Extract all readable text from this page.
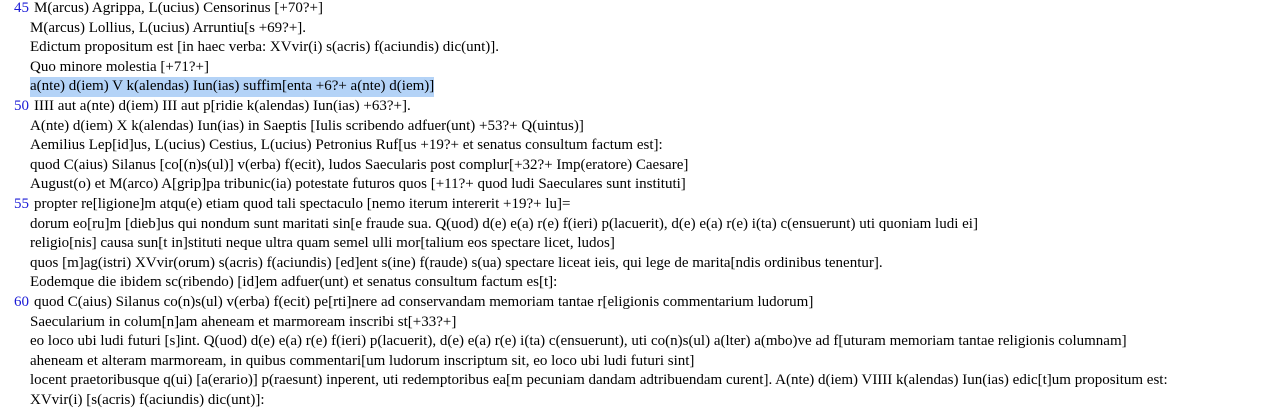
45 M(arcus) Agrippa, L(ucius) Censorinus [+70?+]
M(arcus) Lollius, L(ucius) Arruntiu[s +69?+].
Edictum propositum est [in haec verba: XVvir(i) s(acris) f(aciundis) dic(unt)].
Quo minore molestia [+71?+]
a(nte) d(iem) V k(alendas) Iun(ias) suffim[enta +6?+ a(nte) d(iem)]
50 IIII aut a(nte) d(iem) III aut p[ridie k(alendas) Iun(ias) +63?+].
A(nte) d(iem) X k(alendas) Iun(ias) in Saeptis [Iulis scribendo adfuer(unt) +53?+ Q(uintus)]
Aemilius Lep[id]us, L(ucius) Cestius, L(ucius) Petronius Ruf[us +19?+ et senatus consultum factum est]:
quod C(aius) Silanus [co[(n)s(ul)] v(erba) f(ecit), ludos Saecularis post complur[+32?+ Imp(eratore) Caesare]
August(o) et M(arco) A[grip]pa tribunic(ia) potestate futuros quos [+11?+ quod ludi Saeculares sunt instituti]
55 propter re[ligione]m atqu(e) etiam quod tali spectaculo [nemo iterum intererit +19?+ lu]=
dorum eo[ru]m [dieb]us qui nondum sunt maritati sin[e fraude sua. Q(uod) d(e) e(a) r(e) f(ieri) p(lacuerit), d(e) e(a) r(e) i(ta) c(ensuerunt) uti quoniam ludi ei]
religio[nis] causa sun[t in]stituti neque ultra quam semel ulli mor[talium eos spectare licet, ludos]
quos [m]ag(istri) XVvir(orum) s(acris) f(aciundis) [ed]ent s(ine) f(raude) s(ua) spectare liceat ieis, qui lege de marita[ndis ordinibus tenentur].
Eodemque die ibidem sc(ribendo) [id]em adfuer(unt) et senatus consultum factum es[t]:
60 quod C(aius) Silanus co(n)s(ul) v(erba) f(ecit) pe[rti]nere ad conservandam memoriam tantae r[eligionis commentarium ludorum]
Saecularium in colum[n]am aheneam et marmoream inscribi st[+33?+]
eo loco ubi ludi futuri [s]int. Q(uod) d(e) e(a) r(e) f(ieri) p(lacuerit), d(e) e(a) r(e) i(ta) c(ensuerunt), uti co(n)s(ul) a(lter) a(mbo)ve ad f[uturam memoriam tantae religionis columnam]
aheneam et alteram marmoream, in quibus commentari[um ludorum inscriptum sit, eo loco ubi ludi futuri sint]
locent praetoribusque q(ui) [a(erario)] p(raesunt) inperent, uti redemptoribus ea[m pecuniam dandam adtribuendam curent]. A(nte) d(iem) VIIII k(alendas) Iun(ias) edic[t]um propositum est:
XVvir(i) [s(acris) f(aciundis) dic(unt)]:
